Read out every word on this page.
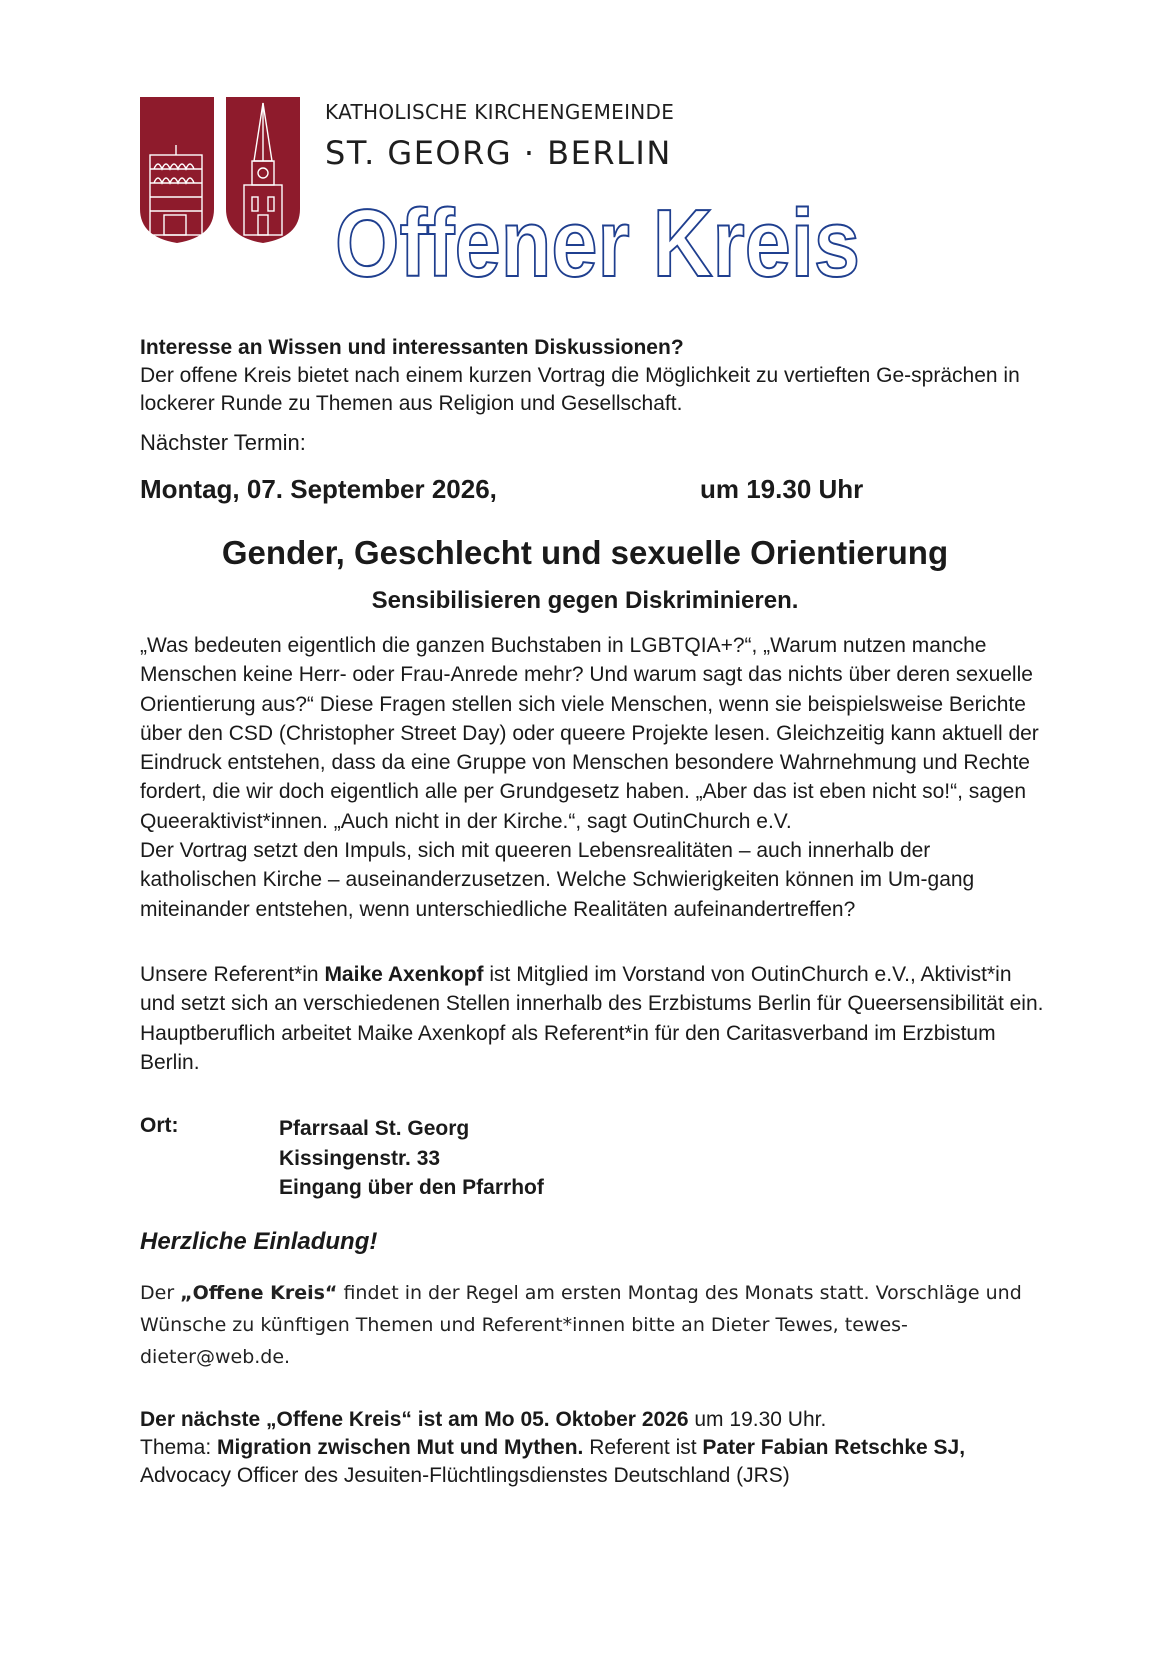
KATHOLISCHE KIRCHENGEMEINDE
ST. GEORG · BERLIN
Offener Kreis
Interesse an Wissen und interessanten Diskussionen?
Der offene Kreis bietet nach einem kurzen Vortrag die Möglichkeit zu vertieften Ge-sprächen in lockerer Runde zu Themen aus Religion und Gesellschaft.
Nächster Termin:
Montag, 07. September 2026,	um 19.30 Uhr
Gender, Geschlecht und sexuelle Orientierung
Sensibilisieren gegen Diskriminieren.
„Was bedeuten eigentlich die ganzen Buchstaben in LGBTQIA+?“, „Warum nutzen manche Menschen keine Herr- oder Frau-Anrede mehr? Und warum sagt das nichts über deren sexuelle Orientierung aus?“ Diese Fragen stellen sich viele Menschen, wenn sie beispielsweise Berichte über den CSD (Christopher Street Day) oder queere Projekte lesen. Gleichzeitig kann aktuell der Eindruck entstehen, dass da eine Gruppe von Menschen besondere Wahrnehmung und Rechte fordert, die wir doch eigentlich alle per Grundgesetz haben. „Aber das ist eben nicht so!“, sagen Queeraktivist*innen. „Auch nicht in der Kirche.“, sagt OutinChurch e.V.
Der Vortrag setzt den Impuls, sich mit queeren Lebensrealitäten – auch innerhalb der katholischen Kirche – auseinanderzusetzen. Welche Schwierigkeiten können im Um-gang miteinander entstehen, wenn unterschiedliche Realitäten aufeinandertreffen?
Unsere Referent*in Maike Axenkopf ist Mitglied im Vorstand von OutinChurch e.V., Aktivist*in und setzt sich an verschiedenen Stellen innerhalb des Erzbistums Berlin für Queersensibilität ein. Hauptberuflich arbeitet Maike Axenkopf als Referent*in für den Caritasverband im Erzbistum Berlin.
Ort:	Pfarrsaal St. Georg
Kissingenstr. 33
Eingang über den Pfarrhof
Herzliche Einladung!
Der „Offene Kreis“ findet in der Regel am ersten Montag des Monats statt. Vorschläge und Wünsche zu künftigen Themen und Referent*innen bitte an Dieter Tewes, tewes-dieter@web.de.
Der nächste „Offene Kreis“ ist am Mo 05. Oktober 2026 um 19.30 Uhr.
Thema: Migration zwischen Mut und Mythen. Referent ist Pater Fabian Retschke SJ, Advocacy Officer des Jesuiten-Flüchtlingsdienstes Deutschland (JRS)
